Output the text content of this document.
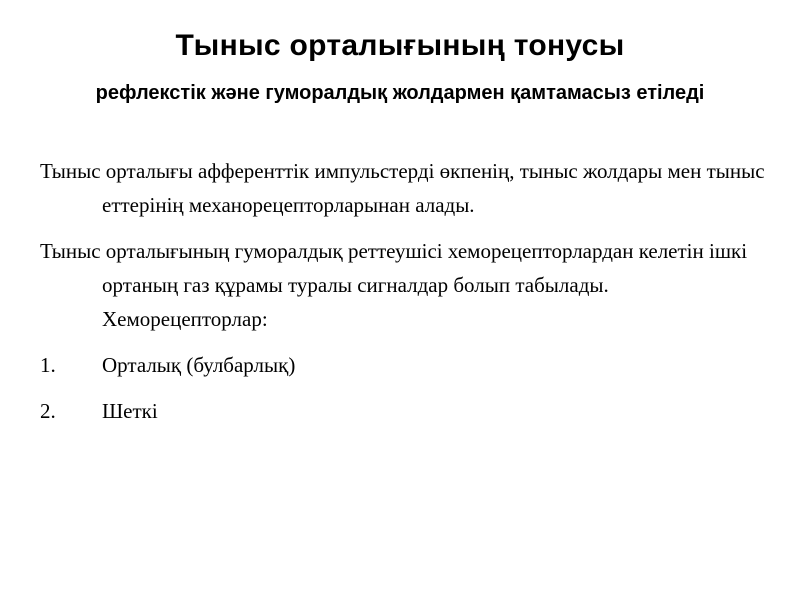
Тыныс орталығының тонусы
рефлекстік және гуморалдық жолдармен қамтамасыз етіледі

Тыныс орталығы афференттік импульстерді өкпенің, тыныс жолдары мен тыныс еттерінің механорецепторларынан алады.

Тыныс орталығының гуморалдық реттеушісі хеморецепторлардан келетін ішкі ортаның газ құрамы туралы сигналдар болып табылады. Хеморецепторлар:

1. Орталық (булбарлық)
2. Шеткі
